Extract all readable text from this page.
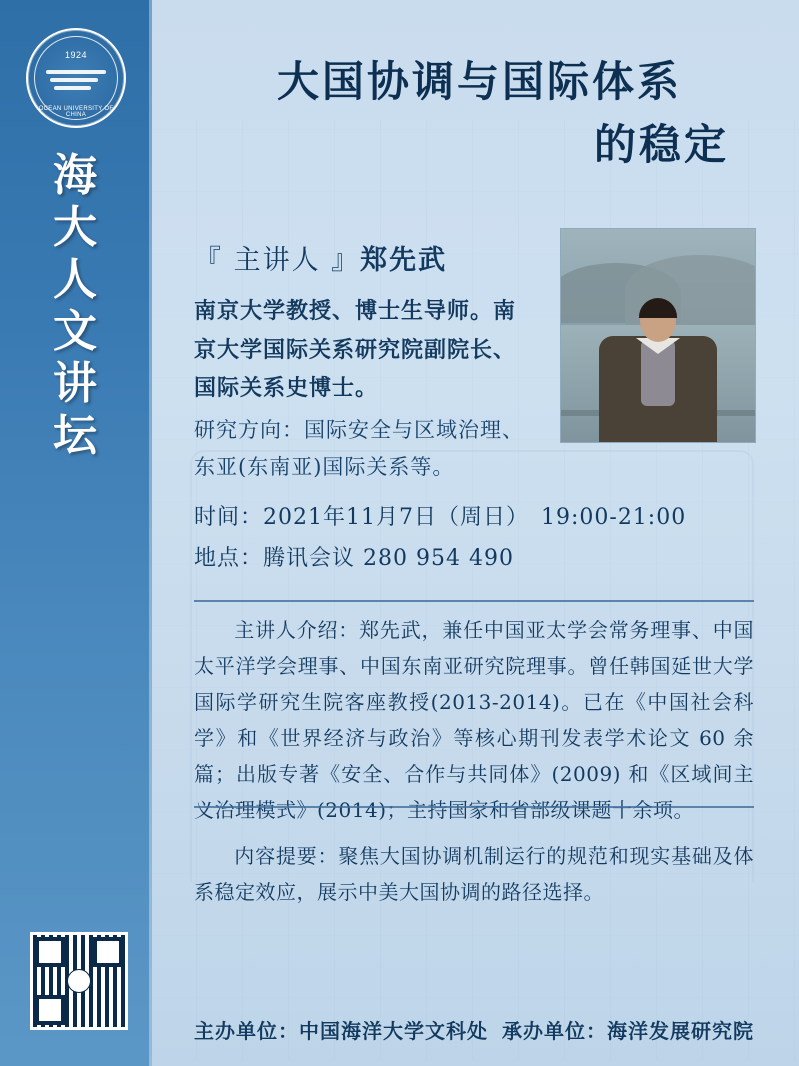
1924
OCEAN UNIVERSITY OF CHINA
海
大
人
文
讲
坛
大国协调与国际体系
的稳定
『 主讲人 』郑先武
南京大学教授、博士生导师。南京大学国际关系研究院副院长、国际关系史博士。
研究方向：国际安全与区域治理、东亚(东南亚)国际关系等。
时间：2021年11月7日（周日）　19:00-21:00
地点：腾讯会议 280 954 490
主讲人介绍：郑先武，兼任中国亚太学会常务理事、中国太平洋学会理事、中国东南亚研究院理事。曾任韩国延世大学国际学研究生院客座教授(2013-2014)。已在《中国社会科学》和《世界经济与政治》等核心期刊发表学术论文 60 余篇；出版专著《安全、合作与共同体》(2009) 和《区域间主义治理模式》(2014)；主持国家和省部级课题十余项。
内容提要：聚焦大国协调机制运行的规范和现实基础及体系稳定效应，展示中美大国协调的路径选择。
主办单位：中国海洋大学文科处 承办单位：海洋发展研究院
